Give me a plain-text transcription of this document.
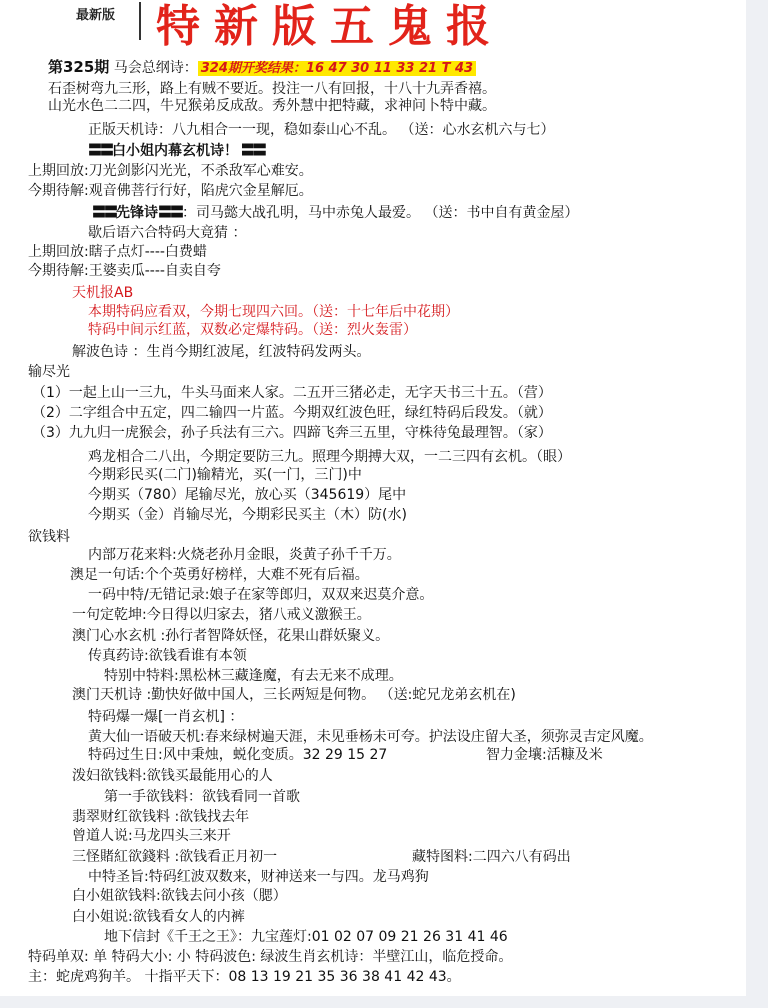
最新版 特新版五鬼报
第325期 马会总纲诗： 324期开奖结果：16 47 30 11 33 21 T 43
石歪树弯九三形，路上有贼不要近。投注一八有回报，十八十九弄香禧。
山光水色二二四，牛兄猴弟反成敌。秀外慧中把特藏，求神问卜特中藏。
正版天机诗：八九相合一一现，稳如泰山心不乱。 （送：心水玄机六与七）
〓〓白小姐内幕玄机诗！ 〓〓
上期回放:刀光剑影闪光光，不杀敌军心难安。
今期待解:观音佛菩行行好，陷虎穴金星解厄。
〓〓先锋诗〓〓：司马懿大战孔明，马中赤兔人最爱。 （送：书中自有黄金屋）
歇后语六合特码大竟猜 ：
上期回放:瞎子点灯----白费蜡
今期待解:王婆卖瓜----自卖自夸
天机报AB
本期特码应看双，今期七现四六回。（送：十七年后中花期）
特码中间示红蓝，双数必定爆特码。（送：烈火轰雷）
解波色诗 ：生肖今期红波尾，红波特码发两头。
输尽光
（1）一起上山一三九，牛头马面来人家。二五开三猪必走，无字天书三十五。（营）
（2）二字组合中五定，四二输四一片蓝。今期双红波色旺，绿红特码后段发。（就）
（3）九九归一虎猴会，孙子兵法有三六。四蹄飞奔三五里，守株待兔最理智。（家）
鸡龙相合二八出，今期定要防三九。照理今期搏大双，一二三四有玄机。（眼）
今期彩民买(二门)输精光，买(一门，三门)中
今期买（780）尾输尽光，放心买（345619）尾中
今期买（金）肖输尽光，今期彩民买主（木）防(水)
欲钱料
内部万花来料:火烧老孙月金眼，炎黄子孙千千万。
澳足一句话:个个英勇好榜样，大难不死有后福。
一码中特/无错记录:娘子在家等郎归，双双来迟莫介意。
一句定乾坤:今日得以归家去，猪八戒义激猴王。
澳门心水玄机 :孙行者智降妖怪，花果山群妖聚义。
传真药诗:欲钱看谁有本领
特别中特料:黑松林三藏逢魔，有去无来不成理。
澳门天机诗 :勤快好做中国人，三长两短是何物。 （送:蛇兄龙弟玄机在)
特码爆一爆[一肖玄机] ：
黄大仙一语破天机:春来绿树遍天涯，未见垂杨未可夸。护法设庄留大圣，须弥灵吉定风魔。
特码过生日:风中秉烛，蜕化变质。32 29 15 27	智力金壤:活糠及米
泼妇欲钱料:欲钱买最能用心的人
第一手欲钱料：欲钱看同一首歌
翡翠财红欲钱料 :欲钱找去年
曾道人说:马龙四头三来开
三怪賭紅欲錢料 :欲钱看正月初一	藏特图料:二四六八有码出
中特圣旨:特码红波双数来，财神送来一与四。龙马鸡狗
白小姐欲钱料:欲钱去问小孩（腮）
白小姐说:欲钱看女人的内裤
地下信封《千王之王》：九宝莲灯:01 02 07 09 21 26 31 41 46
特码单双: 单 特码大小: 小 特码波色: 绿波生肖玄机诗：半壁江山，临危授命。
主：蛇虎鸡狗羊。 十指平天下：08 13 19 21 35 36 38 41 42 43。
